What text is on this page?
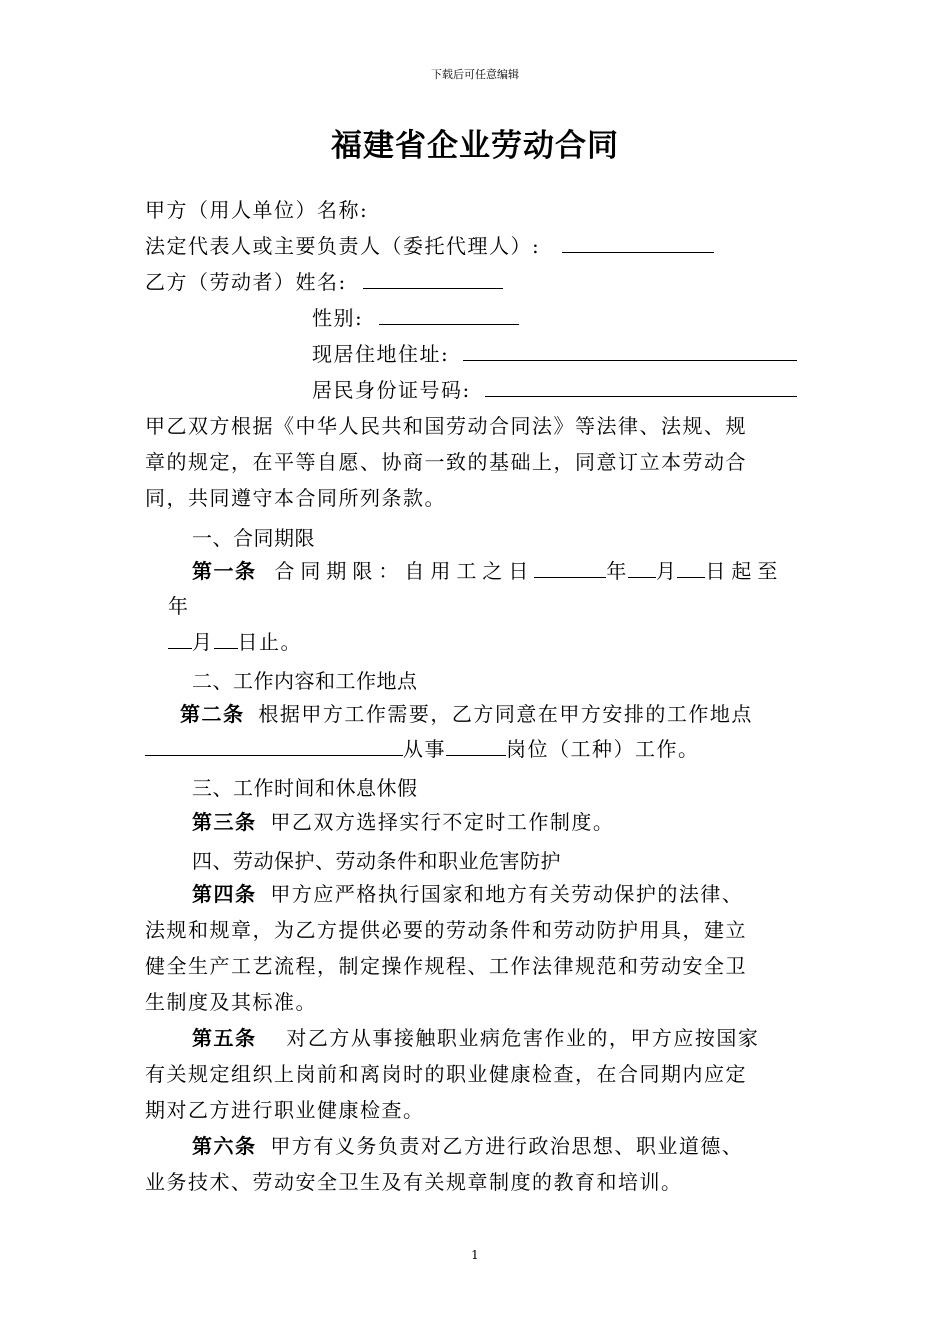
下载后可任意编辑
福建省企业劳动合同
甲方（用人单位）名称:
法定代表人或主要负责人（委托代理人）:
乙方（劳动者）姓名:
性别:
现居住地住址:
居民身份证号码:
甲乙双方根据《中华人民共和国劳动合同法》等法律、法规、规
章的规定，在平等自愿、协商一致的基础上，同意订立本劳动合
同，共同遵守本合同所列条款。
一、合同期限
第一条 合同期限：自用工之日	年 月 日起至
年
月 日止。
二、工作内容和工作地点
第二条 根据甲方工作需要，乙方同意在甲方安排的工作地点
从事	岗位（工种）工作。
三、工作时间和休息休假
第三条 甲乙双方选择实行不定时工作制度。
四、劳动保护、劳动条件和职业危害防护
第四条 甲方应严格执行国家和地方有关劳动保护的法律、
法规和规章，为乙方提供必要的劳动条件和劳动防护用具，建立
健全生产工艺流程，制定操作规程、工作法律规范和劳动安全卫
生制度及其标准。
第五条 对乙方从事接触职业病危害作业的，甲方应按国家
有关规定组织上岗前和离岗时的职业健康检查，在合同期内应定
期对乙方进行职业健康检查。
第六条 甲方有义务负责对乙方进行政治思想、职业道德、
业务技术、劳动安全卫生及有关规章制度的教育和培训。
1
